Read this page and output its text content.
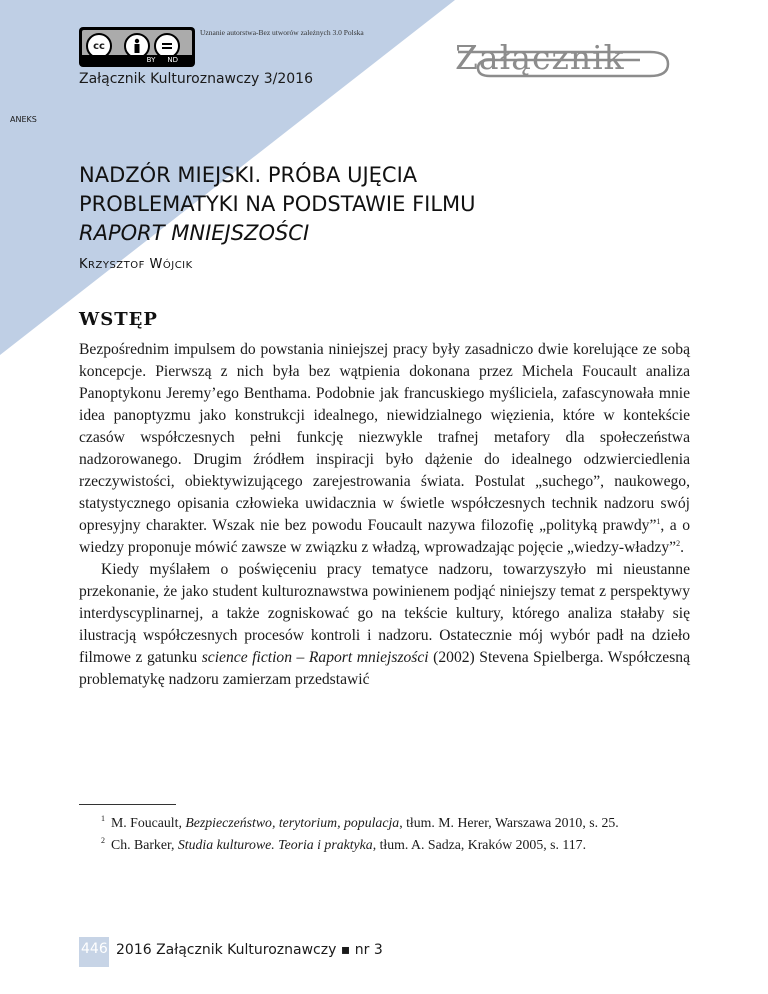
cc
BY ND
Uznanie autorstwa-Bez utworów zależnych 3.0 Polska
Załącznik Kulturoznawczy 3/2016
Załącznik
ANEKS
NADZÓR MIEJSKI. PRÓBA UJĘCIA
PROBLEMATYKI NA PODSTAWIE FILMU
RAPORT MNIEJSZOŚCI
KRZYSZTOF WÓJCIK
WSTĘP

Bezpośrednim impulsem do powstania niniejszej pracy były zasadniczo dwie korelujące ze sobą koncepcje. Pierwszą z nich była bez wątpienia dokonana przez Michela Foucault analiza Panoptykonu Jeremy’ego Benthama. Podobnie jak francuskiego myśliciela, zafascynowała mnie idea panoptyzmu jako konstrukcji idealnego, niewidzialnego więzienia, które w kontekście czasów współczesnych pełni funkcję niezwykle trafnej metafory dla społeczeństwa nadzorowanego. Drugim źródłem inspiracji było dążenie do idealnego odzwierciedlenia rzeczywistości, obiektywizującego zarejestrowania świata. Postulat „suchego”, naukowego, statystycznego opisania człowieka uwidacznia w świetle współczesnych technik nadzoru swój opresyjny charakter. Wszak nie bez powodu Foucault nazywa filozofię „polityką prawdy”$^1$, a o wiedzy proponuje mówić zawsze w związku z władzą, wprowadzając pojęcie „wiedzy-władzy”$^2$.

Kiedy myślałem o poświęceniu pracy tematyce nadzoru, towarzyszyło mi nieustanne przekonanie, że jako student kulturoznawstwa powinienem podjąć niniejszy temat z perspektywy interdyscyplinarnej, a także zogniskować go na tekście kultury, którego analiza stałaby się ilustracją współczesnych procesów kontroli i nadzoru. Ostatecznie mój wybór padł na dzieło filmowe z gatunku science fiction – Raport mniejszości (2002) Stevena Spielberga. Współczesną problematykę nadzoru zamierzam przedstawić

$^1$ M. Foucault, Bezpieczeństwo, terytorium, populacja, tłum. M. Herer, Warszawa 2010, s. 25.

$^2$ Ch. Barker, Studia kulturowe. Teoria i praktyka, tłum. A. Sadza, Kraków 2005, s. 117.

446 2016 Załącznik Kulturoznawczy ▪ nr 3
